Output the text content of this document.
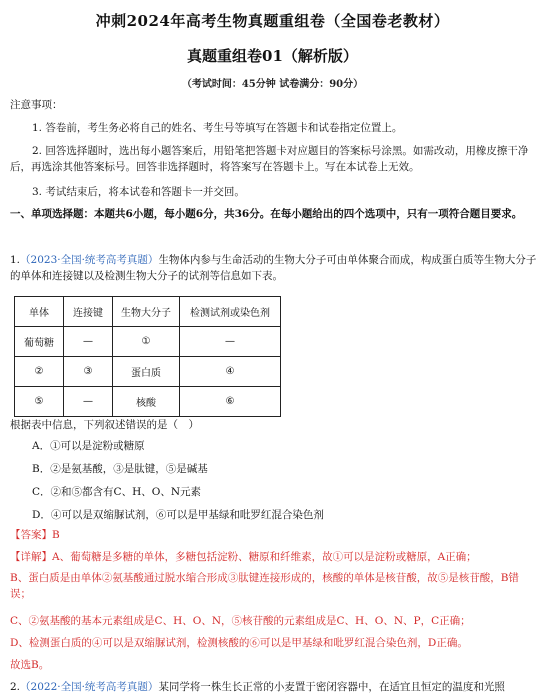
冲刺2024年高考生物真题重组卷（全国卷老教材）
真题重组卷01（解析版）
（考试时间：45分钟 试卷满分：90分）
注意事项：
1. 答卷前，考生务必将自己的姓名、考生号等填写在答题卡和试卷指定位置上。
2. 回答选择题时，选出每小题答案后，用铅笔把答题卡对应题目的答案标号涂黑。如需改动，用橡皮擦干净后，再选涂其他答案标号。回答非选择题时，将答案写在答题卡上。写在本试卷上无效。
3. 考试结束后，将本试卷和答题卡一并交回。
一、单项选择题：本题共6小题，每小题6分，共36分。在每小题给出的四个选项中，只有一项符合题目要求。
1.（2023·全国·统考高考真题）生物体内参与生命活动的生物大分子可由单体聚合而成，构成蛋白质等生物大分子的单体和连接键以及检测生物大分子的试剂等信息如下表。
单体	连接键	生物大分子	检测试剂或染色剂
葡萄糖	—	①	—
②	③	蛋白质	④
⑤	—	核酸	⑥
根据表中信息，下列叙述错误的是（　）
A．①可以是淀粉或糖原
B．②是氨基酸，③是肽键，⑤是碱基
C．②和⑤都含有C、H、O、N元素
D．④可以是双缩脲试剂，⑥可以是甲基绿和吡罗红混合染色剂
【答案】B
【详解】A、葡萄糖是多糖的单体，多糖包括淀粉、糖原和纤维素，故①可以是淀粉或糖原，A正确；
B、蛋白质是由单体②氨基酸通过脱水缩合形成③肽键连接形成的，核酸的单体是核苷酸，故⑤是核苷酸，B错误；
C、②氨基酸的基本元素组成是C、H、O、N，⑤核苷酸的元素组成是C、H、O、N、P，C正确；
D、检测蛋白质的④可以是双缩脲试剂，检测核酸的⑥可以是甲基绿和吡罗红混合染色剂，D正确。
故选B。
2.（2022·全国·统考高考真题）某同学将一株生长正常的小麦置于密闭容器中，在适宜且恒定的温度和光照
